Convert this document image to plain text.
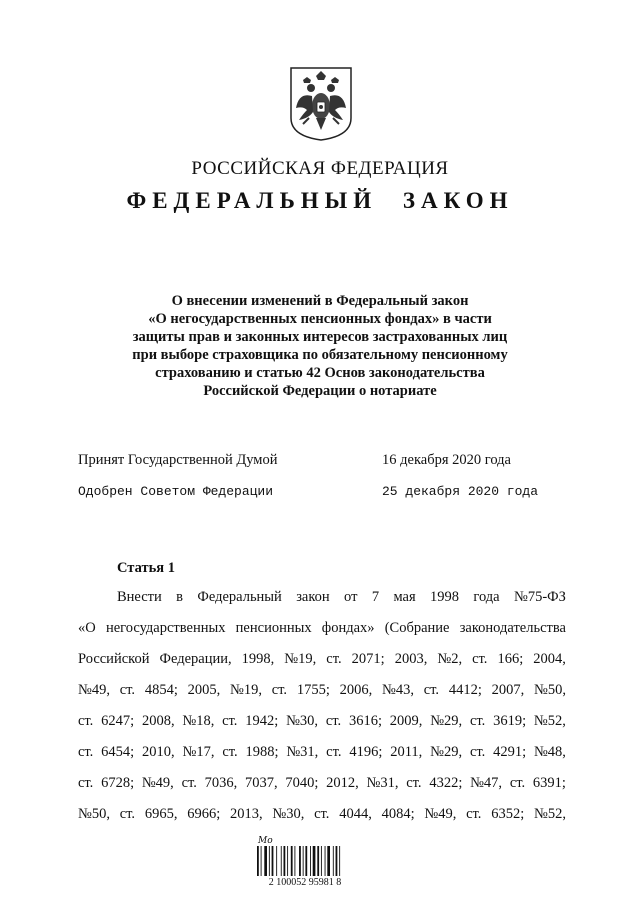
РОССИЙСКАЯ ФЕДЕРАЦИЯ
ФЕДЕРАЛЬНЫЙ ЗАКОН
О внесении изменений в Федеральный закон
«О негосударственных пенсионных фондах» в части
защиты прав и законных интересов застрахованных лиц
при выборе страховщика по обязательному пенсионному
страхованию и статью 42 Основ законодательства
Российской Федерации о нотариате
Принят Государственной Думой	16 декабря 2020 года
Одобрен Советом Федерации	25 декабря 2020 года
Статья 1
Внести в Федеральный закон от 7 мая 1998 года №75-ФЗ
«О негосударственных пенсионных фондах» (Собрание законодательства
Российской Федерации, 1998, №19, ст. 2071; 2003, №2, ст. 166; 2004,
№49, ст. 4854; 2005, №19, ст. 1755; 2006, №43, ст. 4412; 2007, №50,
ст. 6247; 2008, №18, ст. 1942; №30, ст. 3616; 2009, №29, ст. 3619; №52,
ст. 6454; 2010, №17, ст. 1988; №31, ст. 4196; 2011, №29, ст. 4291; №48,
ст. 6728; №49, ст. 7036, 7037, 7040; 2012, №31, ст. 4322; №47, ст. 6391;
№50, ст. 6965, 6966; 2013, №30, ст. 4044, 4084; №49, ст. 6352; №52,
Мо
2 100052 95981 8
